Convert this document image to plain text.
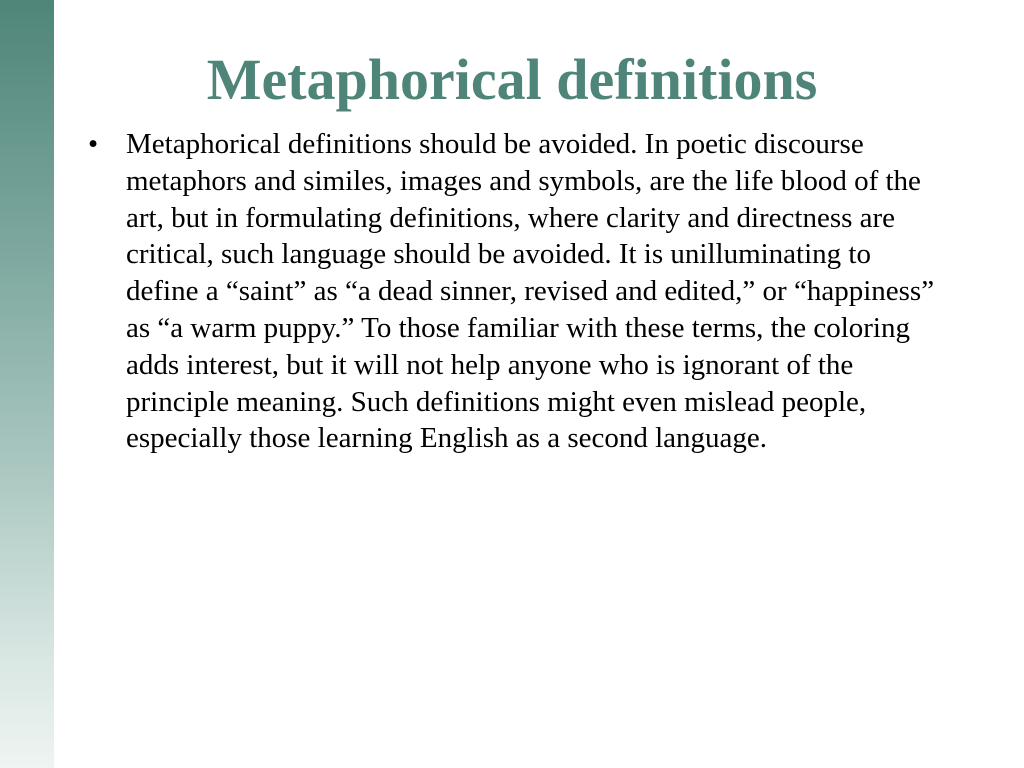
Metaphorical definitions
• Metaphorical definitions should be avoided. In poetic discourse metaphors and similes, images and symbols, are the life blood of the art, but in formulating definitions, where clarity and directness are critical, such language should be avoided. It is unilluminating to define a “saint” as “a dead sinner, revised and edited,” or “happiness” as “a warm puppy.” To those familiar with these terms, the coloring adds interest, but it will not help anyone who is ignorant of the principle meaning. Such definitions might even mislead people, especially those learning English as a second language.
